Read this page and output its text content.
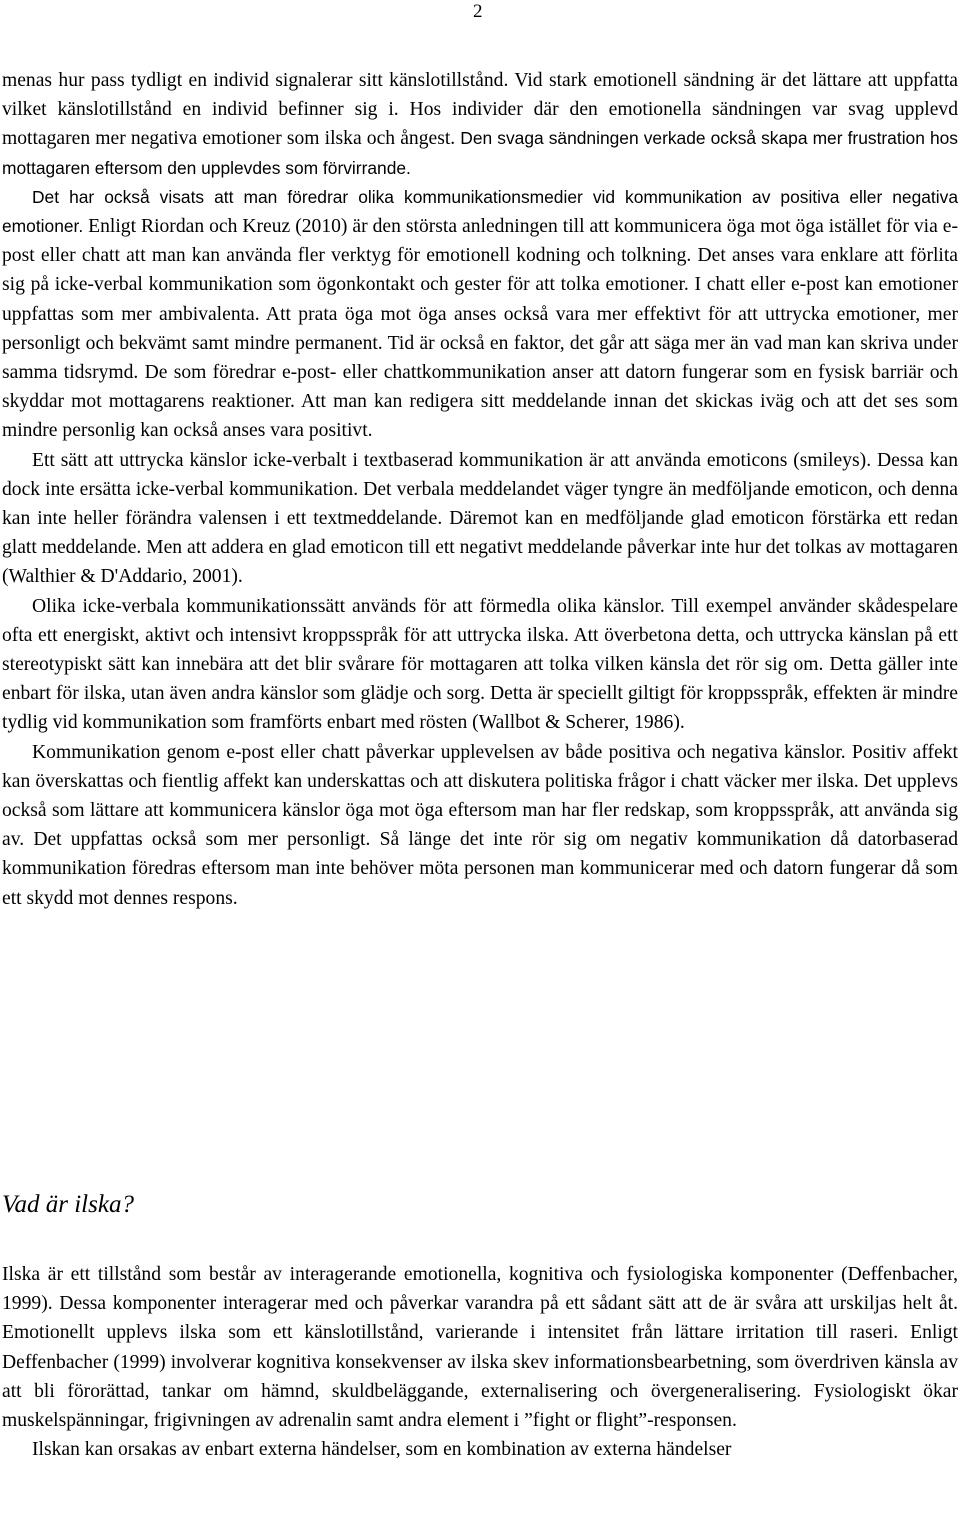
2

menas hur pass tydligt en individ signalerar sitt känslotillstånd. Vid stark emotionell sändning är det lättare att uppfatta vilket känslotillstånd en individ befinner sig i. Hos individer där den emotionella sändningen var svag upplevd mottagaren mer negativa emotioner som ilska och ångest. Den svaga sändningen verkade också skapa mer frustration hos mottagaren eftersom den upplevdes som förvirrande.

Det har också visats att man föredrar olika kommunikationsmedier vid kommunikation av positiva eller negativa emotioner. Enligt Riordan och Kreuz (2010) är den största anledningen till att kommunicera öga mot öga istället för via e-post eller chatt att man kan använda fler verktyg för emotionell kodning och tolkning. Det anses vara enklare att förlita sig på icke-verbal kommunikation som ögonkontakt och gester för att tolka emotioner. I chatt eller e-post kan emotioner uppfattas som mer ambivalenta. Att prata öga mot öga anses också vara mer effektivt för att uttrycka emotioner, mer personligt och bekvämt samt mindre permanent. Tid är också en faktor, det går att säga mer än vad man kan skriva under samma tidsrymd. De som föredrar e-post- eller chattkommunikation anser att datorn fungerar som en fysisk barriär och skyddar mot mottagarens reaktioner. Att man kan redigera sitt meddelande innan det skickas iväg och att det ses som mindre personlig kan också anses vara positivt.

Ett sätt att uttrycka känslor icke-verbalt i textbaserad kommunikation är att använda emoticons (smileys). Dessa kan dock inte ersätta icke-verbal kommunikation. Det verbala meddelandet väger tyngre än medföljande emoticon, och denna kan inte heller förändra valensen i ett textmeddelande. Däremot kan en medföljande glad emoticon förstärka ett redan glatt meddelande. Men att addera en glad emoticon till ett negativt meddelande påverkar inte hur det tolkas av mottagaren (Walthier & D'Addario, 2001).

Olika icke-verbala kommunikationssätt används för att förmedla olika känslor. Till exempel använder skådespelare ofta ett energiskt, aktivt och intensivt kroppsspråk för att uttrycka ilska. Att överbetona detta, och uttrycka känslan på ett stereotypiskt sätt kan innebära att det blir svårare för mottagaren att tolka vilken känsla det rör sig om. Detta gäller inte enbart för ilska, utan även andra känslor som glädje och sorg. Detta är speciellt giltigt för kroppsspråk, effekten är mindre tydlig vid kommunikation som framförts enbart med rösten (Wallbot & Scherer, 1986).

Kommunikation genom e-post eller chatt påverkar upplevelsen av både positiva och negativa känslor. Positiv affekt kan överskattas och fientlig affekt kan underskattas och att diskutera politiska frågor i chatt väcker mer ilska. Det upplevs också som lättare att kommunicera känslor öga mot öga eftersom man har fler redskap, som kroppsspråk, att använda sig av. Det uppfattas också som mer personligt. Så länge det inte rör sig om negativ kommunikation då datorbaserad kommunikation föredras eftersom man inte behöver möta personen man kommunicerar med och datorn fungerar då som ett skydd mot dennes respons.

Vad är ilska?

Ilska är ett tillstånd som består av interagerande emotionella, kognitiva och fysiologiska komponenter (Deffenbacher, 1999). Dessa komponenter interagerar med och påverkar varandra på ett sådant sätt att de är svåra att urskiljas helt åt. Emotionellt upplevs ilska som ett känslotillstånd, varierande i intensitet från lättare irritation till raseri. Enligt Deffenbacher (1999) involverar kognitiva konsekvenser av ilska skev informationsbearbetning, som överdriven känsla av att bli förorättad, tankar om hämnd, skuldbeläggande, externalisering och övergeneralisering. Fysiologiskt ökar muskelspänningar, frigivningen av adrenalin samt andra element i ”fight or flight”-responsen.

Ilskan kan orsakas av enbart externa händelser, som en kombination av externa händelser
